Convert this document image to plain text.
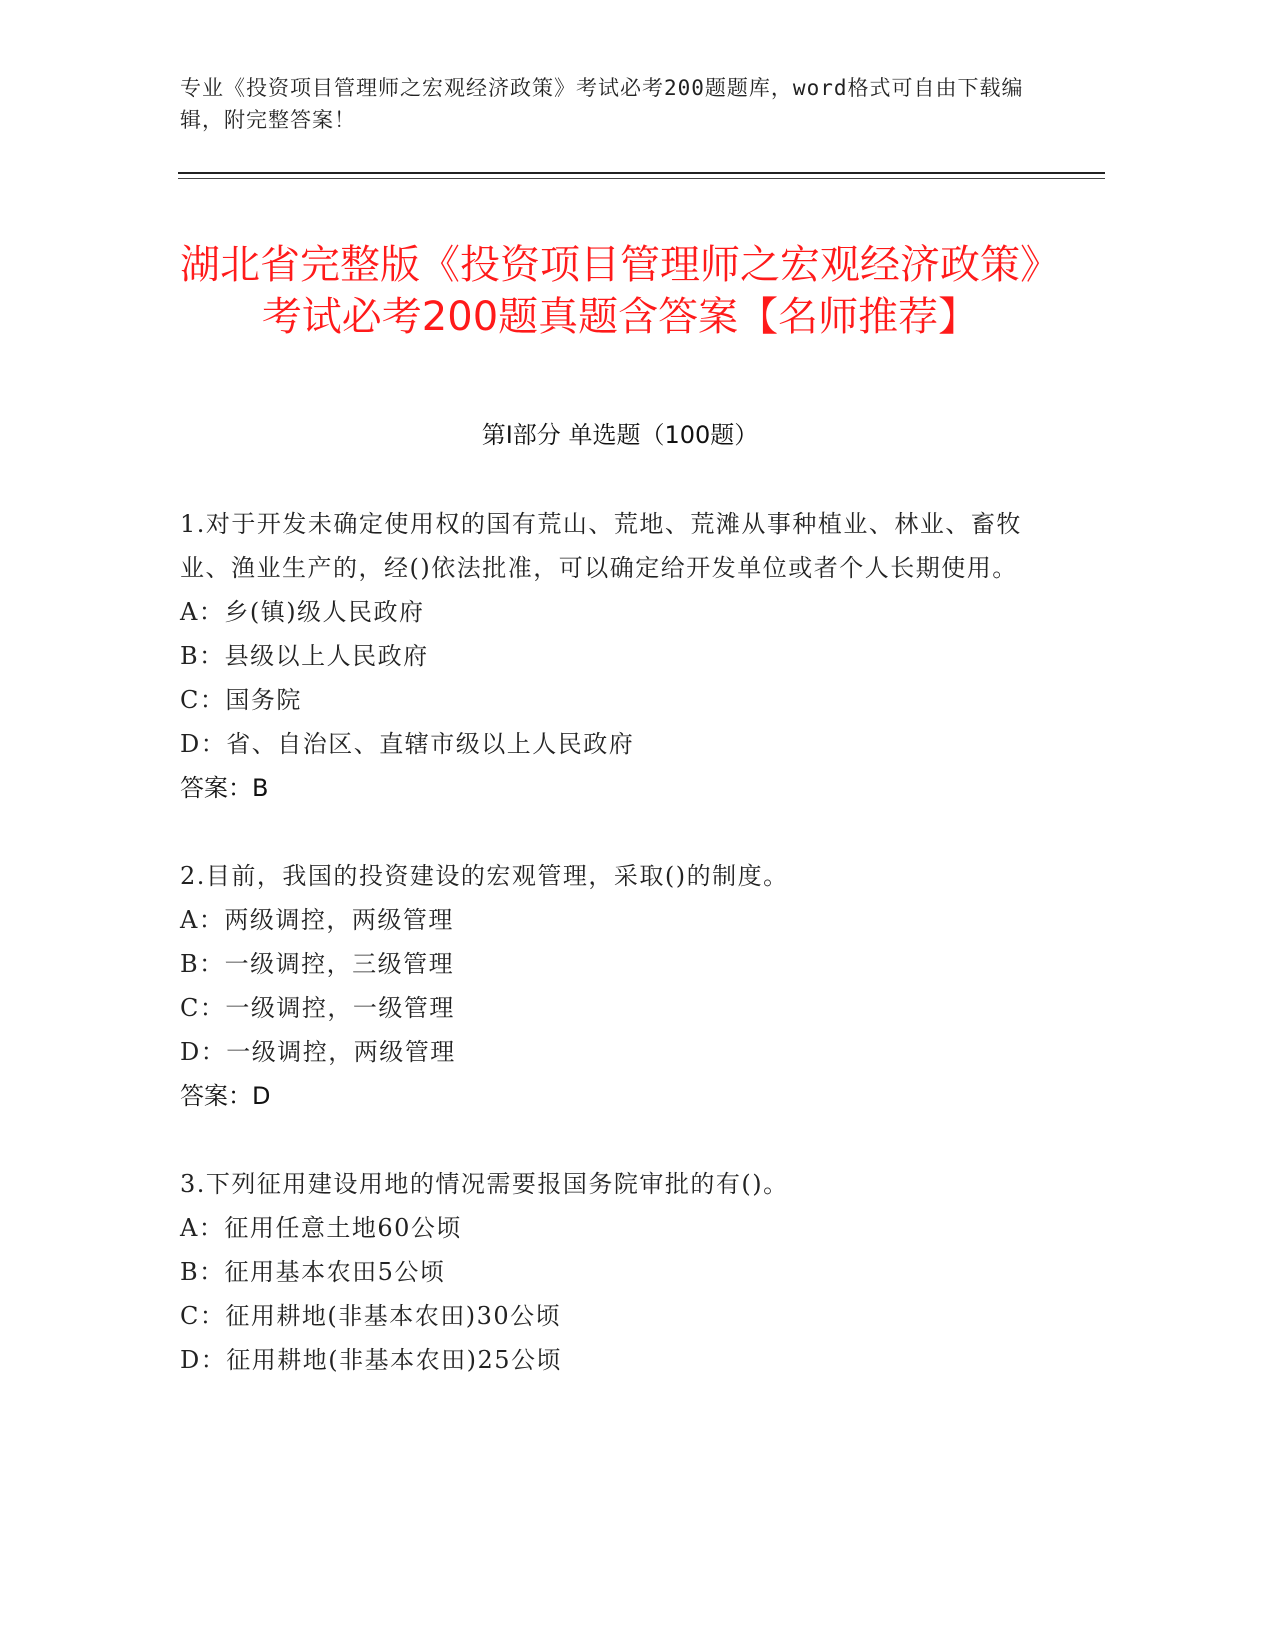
专业《投资项目管理师之宏观经济政策》考试必考200题题库，word格式可自由下载编辑，附完整答案！
湖北省完整版《投资项目管理师之宏观经济政策》考试必考200题真题含答案【名师推荐】
第I部分 单选题（100题）
1.对于开发未确定使用权的国有荒山、荒地、荒滩从事种植业、林业、畜牧业、渔业生产的，经()依法批准，可以确定给开发单位或者个人长期使用。
A：乡(镇)级人民政府
B：县级以上人民政府
C：国务院
D：省、自治区、直辖市级以上人民政府
答案：B
2.目前，我国的投资建设的宏观管理，采取()的制度。
A：两级调控，两级管理
B：一级调控，三级管理
C：一级调控，一级管理
D：一级调控，两级管理
答案：D
3.下列征用建设用地的情况需要报国务院审批的有()。
A：征用任意土地60公顷
B：征用基本农田5公顷
C：征用耕地(非基本农田)30公顷
D：征用耕地(非基本农田)25公顷
